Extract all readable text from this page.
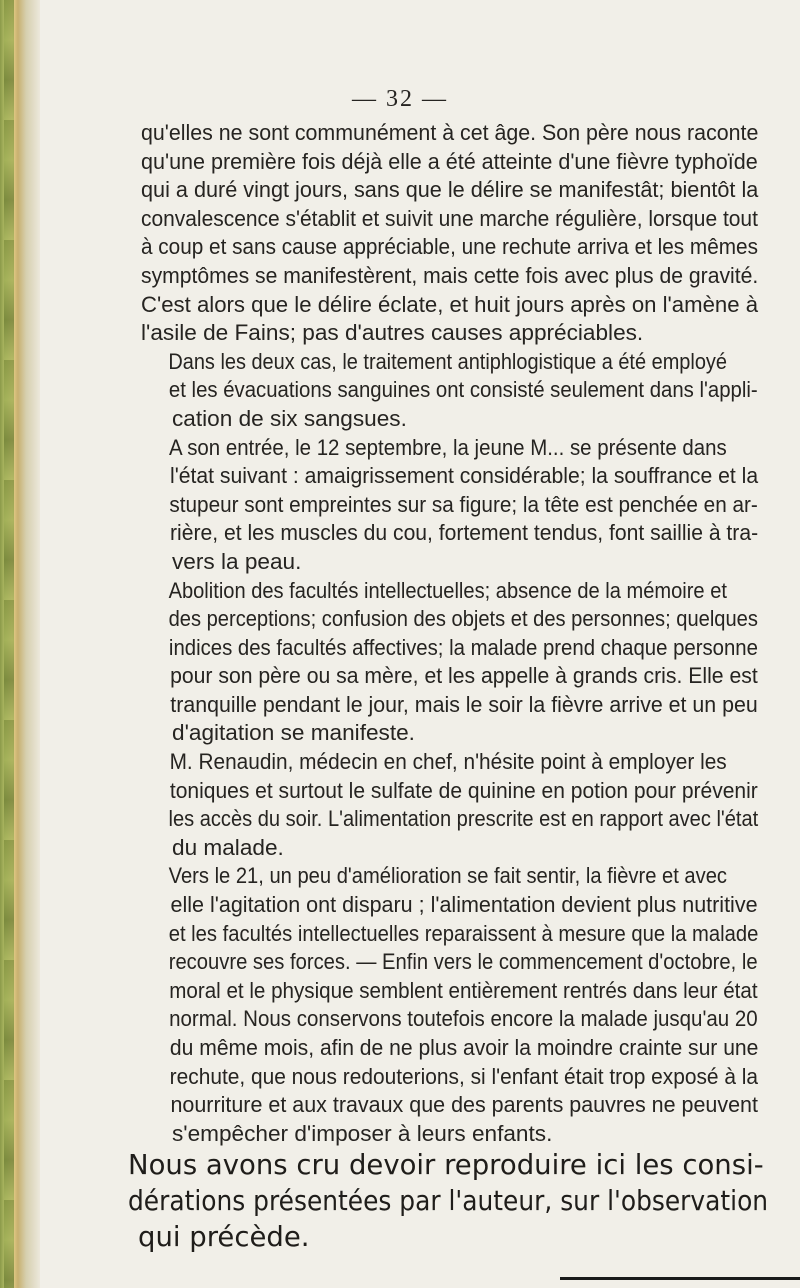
— 32 —

qu'elles ne sont communément à cet âge. Son père nous raconte
qu'une première fois déjà elle a été atteinte d'une fièvre typhoïde
qui a duré vingt jours, sans que le délire se manifestât; bientôt la
convalescence s'établit et suivit une marche régulière, lorsque tout
à coup et sans cause appréciable, une rechute arriva et les mêmes
symptômes se manifestèrent, mais cette fois avec plus de gravité.
C'est alors que le délire éclate, et huit jours après on l'amène à
l'asile de Fains; pas d'autres causes appréciables.

Dans les deux cas, le traitement antiphlogistique a été employé
et les évacuations sanguines ont consisté seulement dans l'appli-
cation de six sangsues.

A son entrée, le 12 septembre, la jeune M... se présente dans
l'état suivant : amaigrissement considérable; la souffrance et la
stupeur sont empreintes sur sa figure; la tête est penchée en ar-
rière, et les muscles du cou, fortement tendus, font saillie à tra-
vers la peau.

Abolition des facultés intellectuelles; absence de la mémoire et
des perceptions; confusion des objets et des personnes; quelques
indices des facultés affectives; la malade prend chaque personne
pour son père ou sa mère, et les appelle à grands cris. Elle est
tranquille pendant le jour, mais le soir la fièvre arrive et un peu
d'agitation se manifeste.

M. Renaudin, médecin en chef, n'hésite point à employer les
toniques et surtout le sulfate de quinine en potion pour prévenir
les accès du soir. L'alimentation prescrite est en rapport avec l'état
du malade.

Vers le 21, un peu d'amélioration se fait sentir, la fièvre et avec
elle l'agitation ont disparu ; l'alimentation devient plus nutritive
et les facultés intellectuelles reparaissent à mesure que la malade
recouvre ses forces. — Enfin vers le commencement d'octobre, le
moral et le physique semblent entièrement rentrés dans leur état
normal. Nous conservons toutefois encore la malade jusqu'au 20
du même mois, afin de ne plus avoir la moindre crainte sur une
rechute, que nous redouterions, si l'enfant était trop exposé à la
nourriture et aux travaux que des parents pauvres ne peuvent
s'empêcher d'imposer à leurs enfants.

Nous avons cru devoir reproduire ici les consi-
dérations présentées par l'auteur, sur l'observation
qui précède.
